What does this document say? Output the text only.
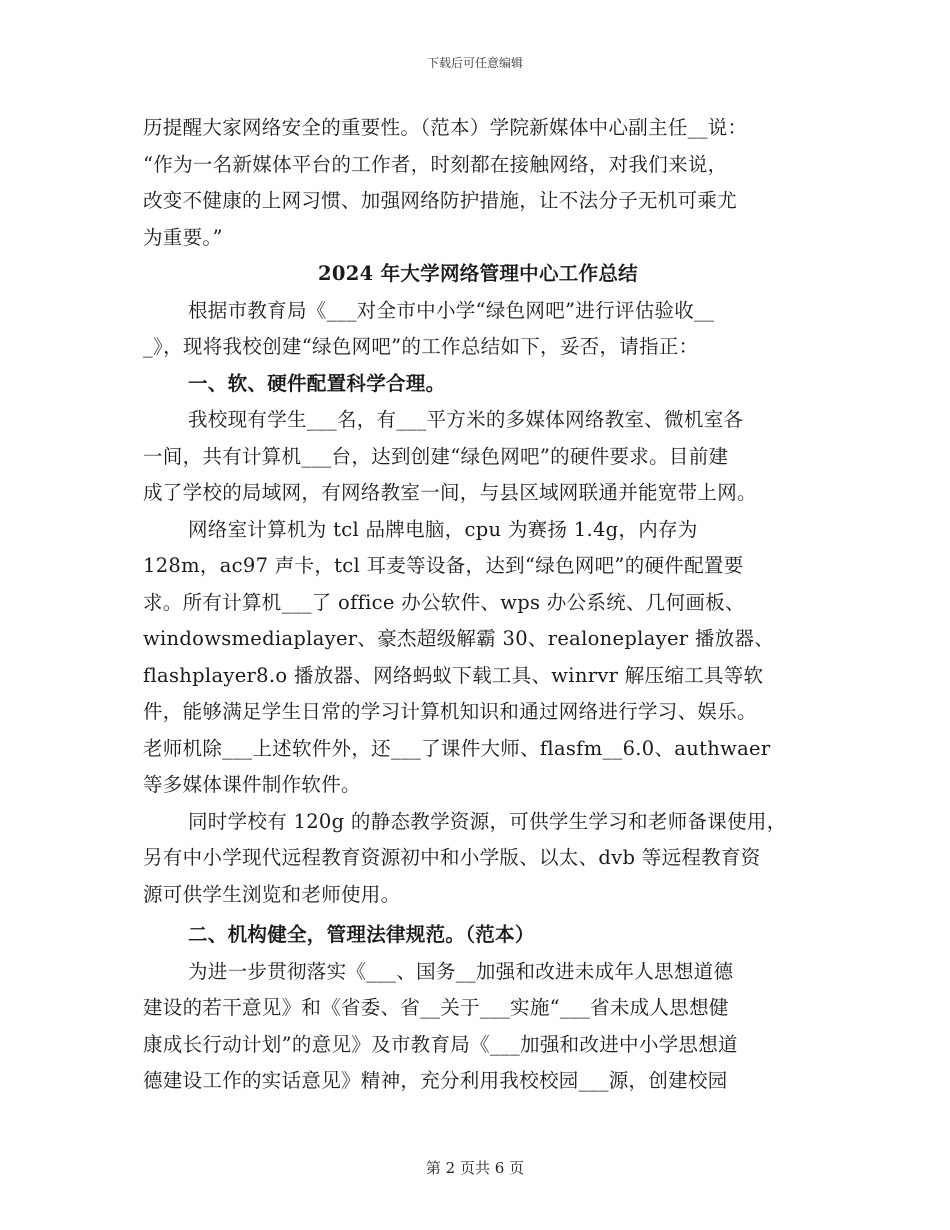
下载后可任意编辑
历提醒大家网络安全的重要性。（范本）学院新媒体中心副主任__说：
“作为一名新媒体平台的工作者，时刻都在接触网络，对我们来说，
改变不健康的上网习惯、加强网络防护措施，让不法分子无机可乘尤
为重要。”
2024 年大学网络管理中心工作总结
根据市教育局《___对全市中小学“绿色网吧”进行评估验收__
_》，现将我校创建“绿色网吧”的工作总结如下，妥否，请指正：
一、软、硬件配置科学合理。
我校现有学生___名，有___平方米的多媒体网络教室、微机室各
一间，共有计算机___台，达到创建“绿色网吧”的硬件要求。目前建
成了学校的局域网，有网络教室一间，与县区域网联通并能宽带上网。
网络室计算机为 tcl 品牌电脑，cpu 为赛扬 1.4g，内存为
128m，ac97 声卡，tcl 耳麦等设备，达到“绿色网吧”的硬件配置要
求。所有计算机___了 office 办公软件、wps 办公系统、几何画板、
windowsmediaplayer、豪杰超级解霸 30、realoneplayer 播放器、
flashplayer8.o 播放器、网络蚂蚁下载工具、winrvr 解压缩工具等软
件，能够满足学生日常的学习计算机知识和通过网络进行学习、娱乐。
老师机除___上述软件外，还___了课件大师、flasfm__6.0、authwaer
等多媒体课件制作软件。
同时学校有 120g 的静态教学资源，可供学生学习和老师备课使用，
另有中小学现代远程教育资源初中和小学版、以太、dvb 等远程教育资
源可供学生浏览和老师使用。
二、机构健全，管理法律规范。（范本）
为进一步贯彻落实《___、国务__加强和改进未成年人思想道德
建设的若干意见》和《省委、省__关于___实施“___省未成人思想健
康成长行动计划”的意见》及市教育局《___加强和改进中小学思想道
德建设工作的实话意见》精神，充分利用我校校园___源，创建校园
第 2 页共 6 页
